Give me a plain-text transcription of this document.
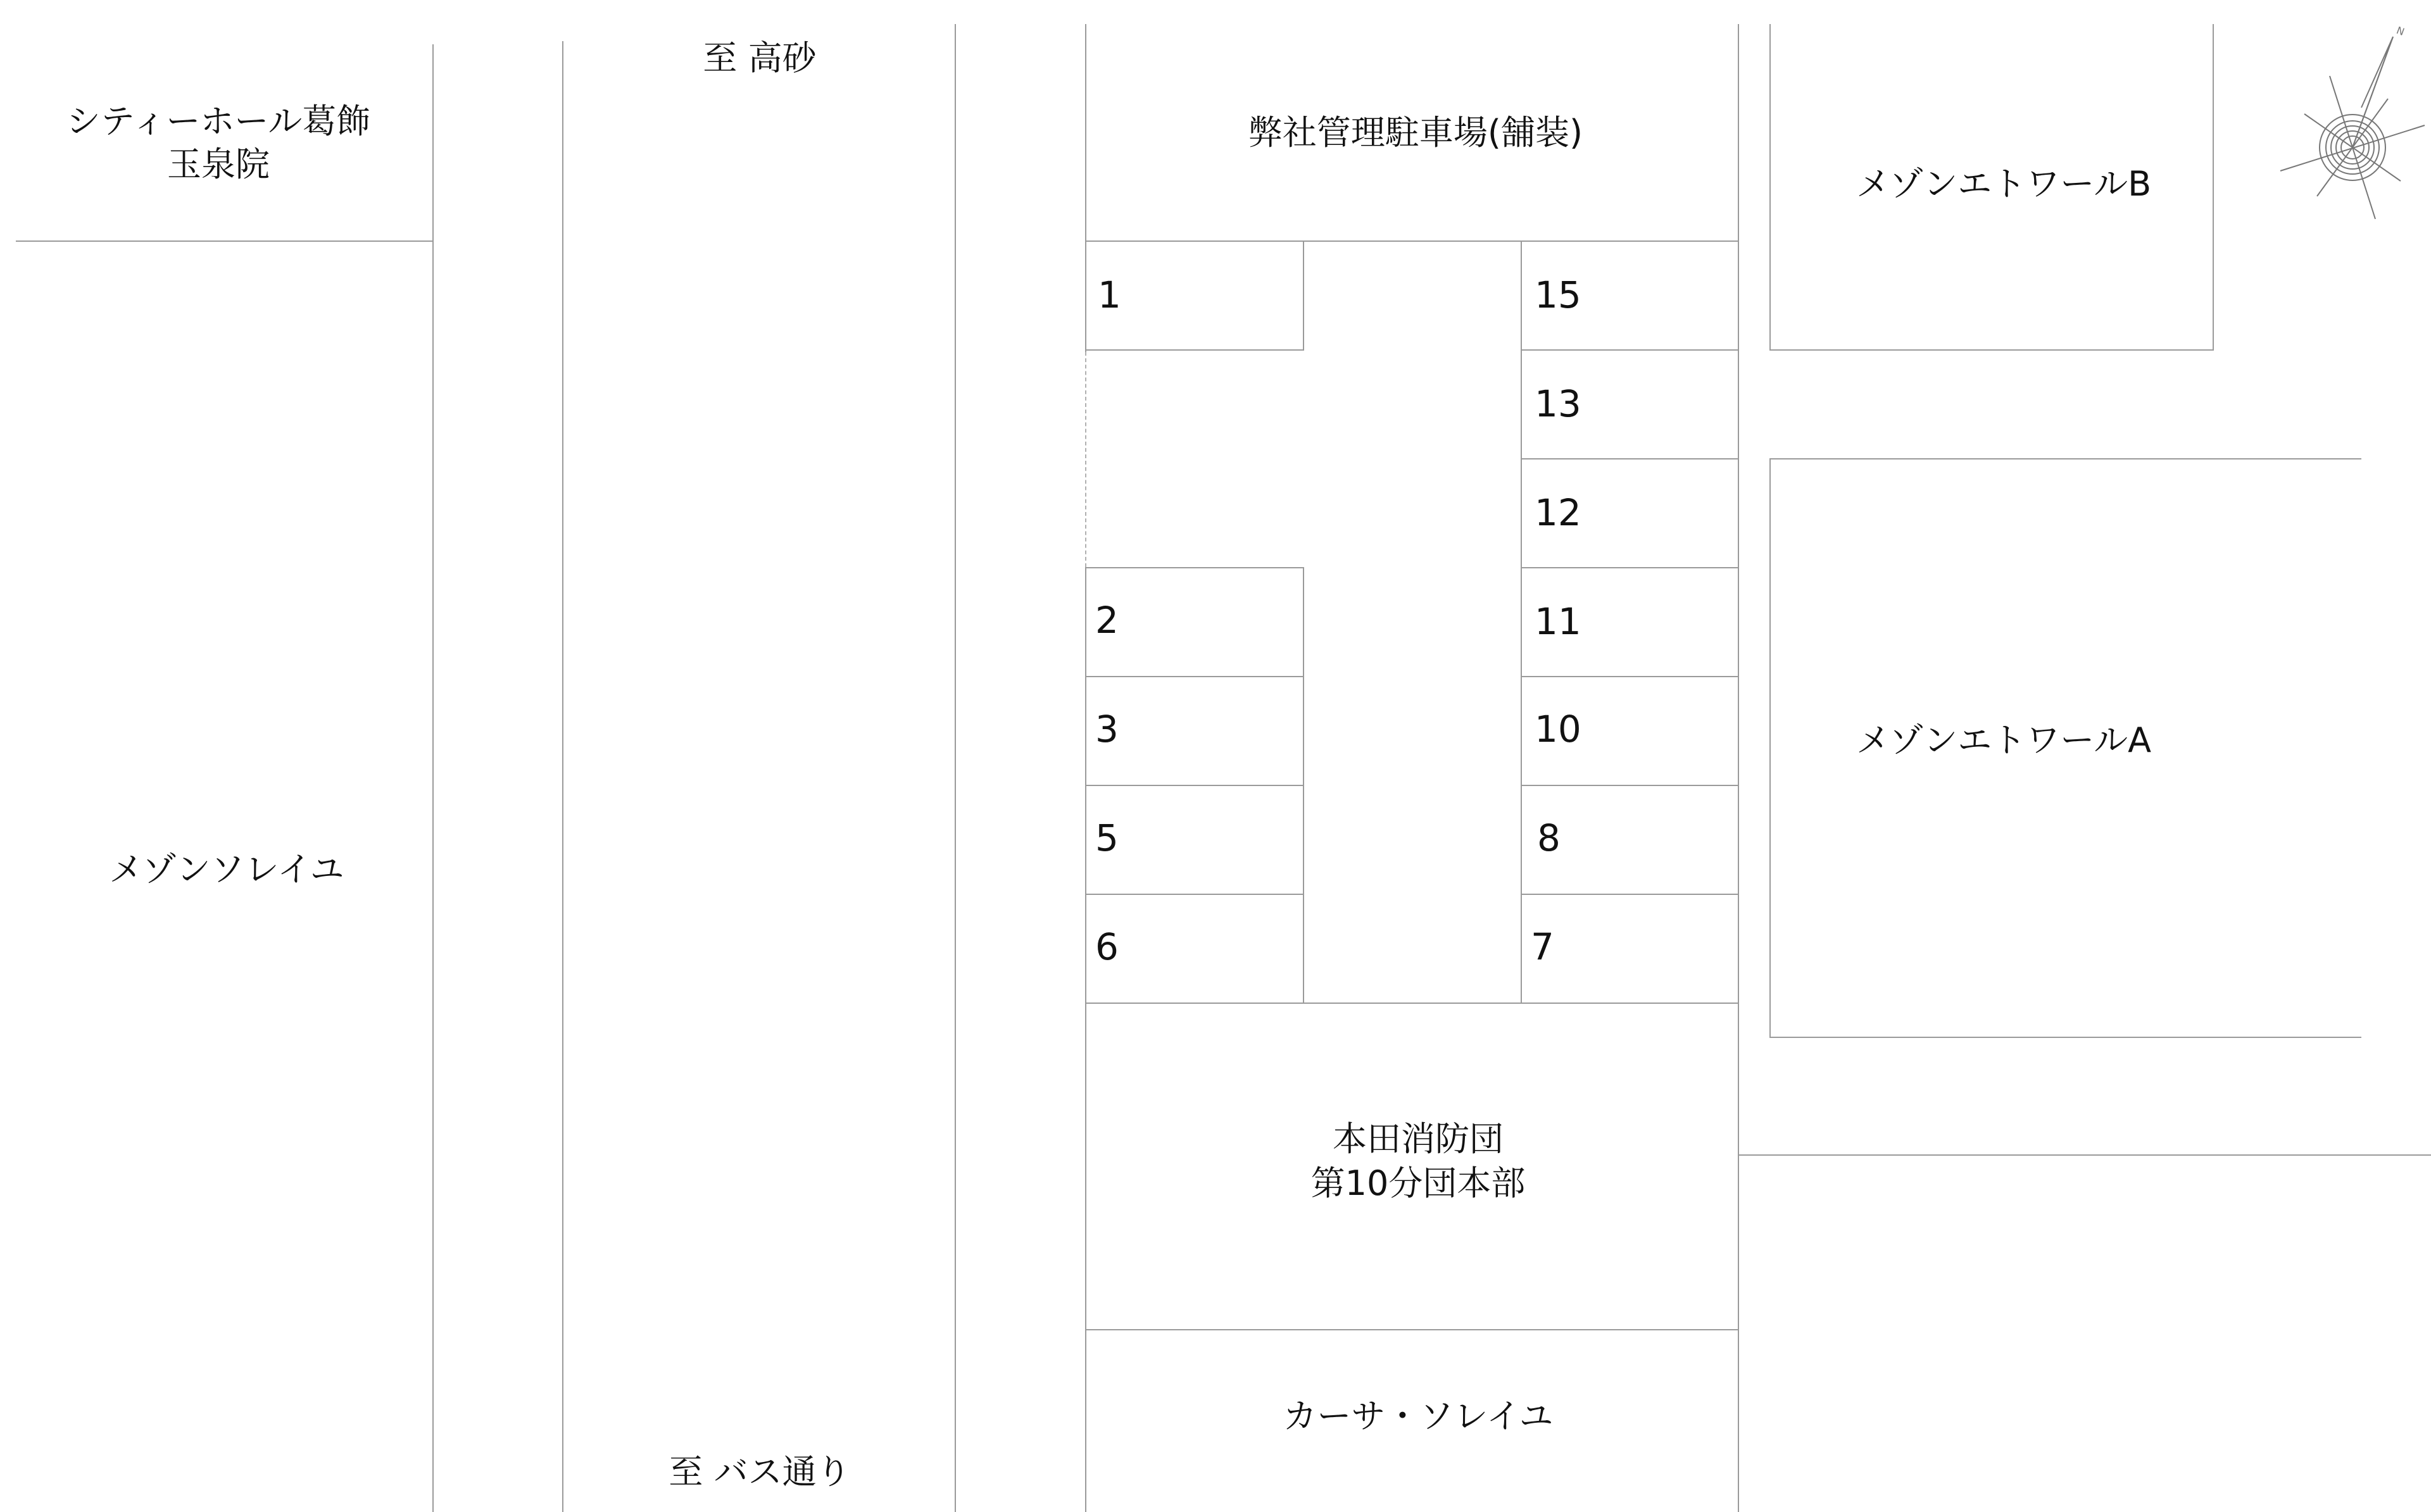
シティーホール葛飾
玉泉院
至 高砂
至 バス通り
弊社管理駐車場(舗装)
メゾンエトワールB
メゾンエトワールA
メゾンソレイユ
本田消防団
第10分団本部
カーサ・ソレイユ
1
2
3
5
6
15
13
12
11
10
8
7
N
